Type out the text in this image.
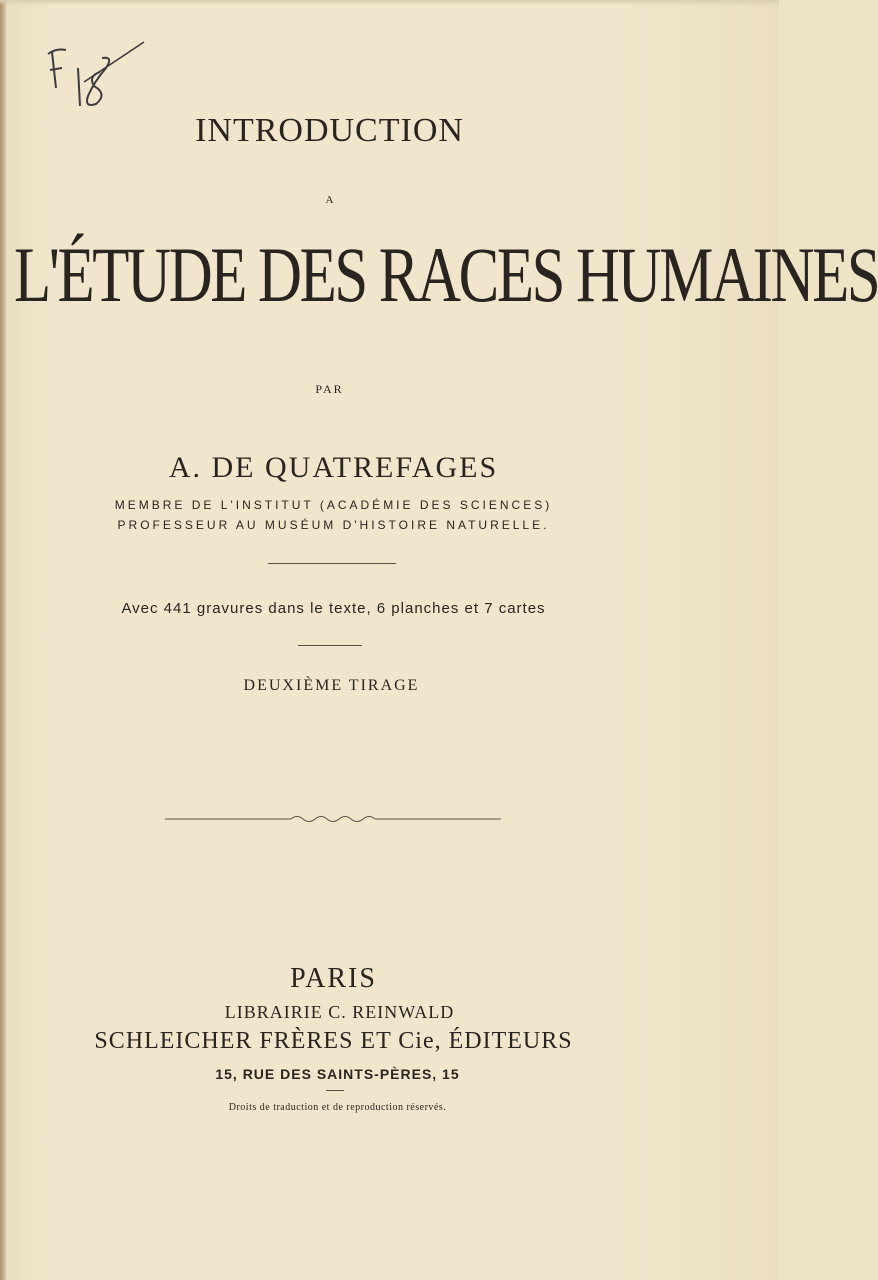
INTRODUCTION
A
L'ÉTUDE DES RACES HUMAINES
PAR
A. DE QUATREFAGES
MEMBRE DE L'INSTITUT (ACADÉMIE DES SCIENCES)
PROFESSEUR AU MUSÉUM D'HISTOIRE NATURELLE.
Avec 441 gravures dans le texte, 6 planches et 7 cartes
DEUXIÈME TIRAGE
PARIS
LIBRAIRIE C. REINWALD
SCHLEICHER FRÈRES ET Cie, ÉDITEURS
15, RUE DES SAINTS-PÈRES, 15
Droits de traduction et de reproduction réservés.
